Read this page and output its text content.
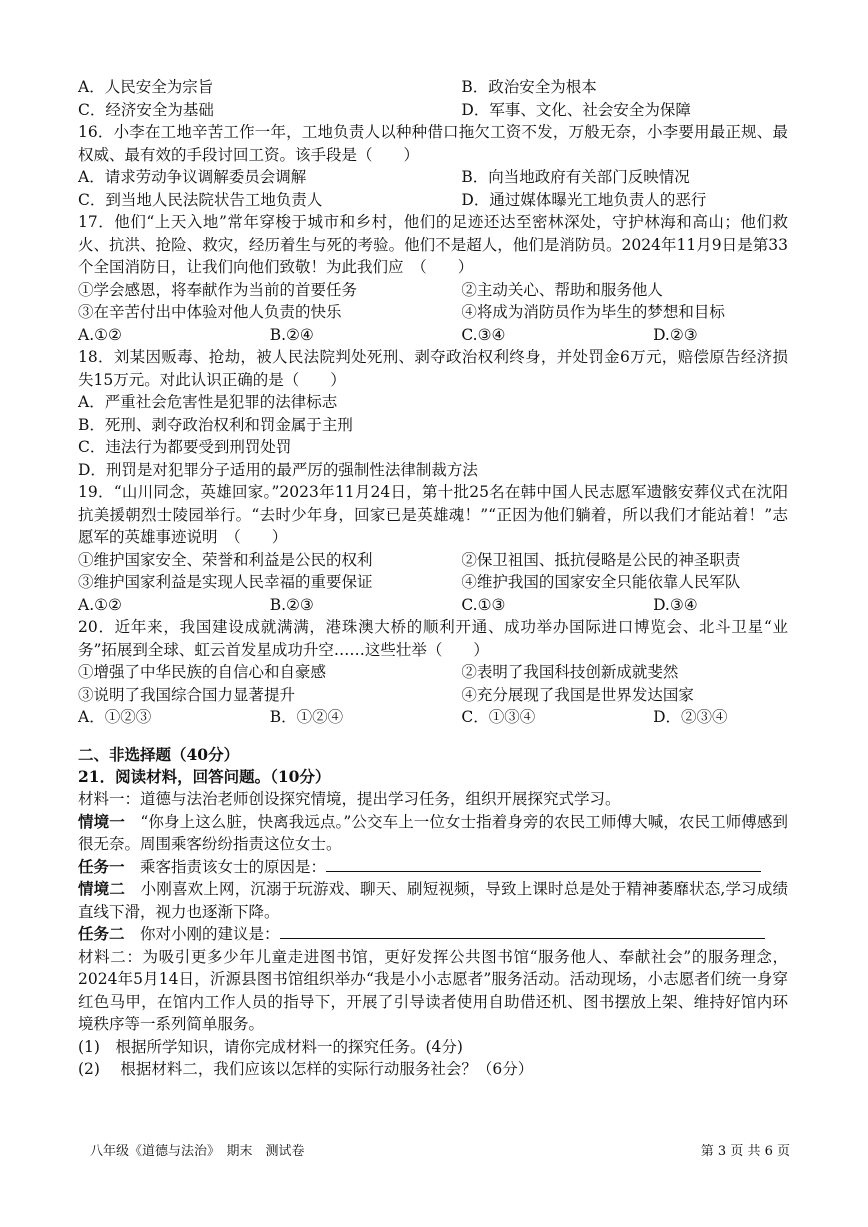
A．人民安全为宗旨	B．政治安全为根本
C．经济安全为基础	D．军事、文化、社会安全为保障
16．小李在工地辛苦工作一年，工地负责人以种种借口拖欠工资不发，万般无奈，小李要用最正规、最权威、最有效的手段讨回工资。该手段是（　　）
A．请求劳动争议调解委员会调解	B．向当地政府有关部门反映情况
C．到当地人民法院状告工地负责人	D．通过媒体曝光工地负责人的恶行
17．他们“上天入地”常年穿梭于城市和乡村，他们的足迹还达至密林深处，守护林海和高山；他们救火、抗洪、抢险、救灾，经历着生与死的考验。他们不是超人，他们是消防员。2024年11月9日是第33个全国消防日，让我们向他们致敬！为此我们应　（　　）
①学会感恩，将奉献作为当前的首要任务	②主动关心、帮助和服务他人
③在辛苦付出中体验对他人负责的快乐	④将成为消防员作为毕生的梦想和目标
A.①②	B.②④	C.③④	D.②③
18．刘某因贩毒、抢劫，被人民法院判处死刑、剥夺政治权利终身，并处罚金6万元，赔偿原告经济损失15万元。对此认识正确的是（　　）
A．严重社会危害性是犯罪的法律标志
B．死刑、剥夺政治权利和罚金属于主刑
C．违法行为都要受到刑罚处罚
D．刑罚是对犯罪分子适用的最严厉的强制性法律制裁方法
19．“山川同念，英雄回家。”2023年11月24日，第十批25名在韩中国人民志愿军遗骸安葬仪式在沈阳抗美援朝烈士陵园举行。“去时少年身，回家已是英雄魂！”“正因为他们躺着，所以我们才能站着！”志愿军的英雄事迹说明　（　　）
①维护国家安全、荣誉和利益是公民的权利	②保卫祖国、抵抗侵略是公民的神圣职责
③维护国家利益是实现人民幸福的重要保证	④维护我国的国家安全只能依靠人民军队
A.①②	B.②③	C.①③	D.③④
20．近年来，我国建设成就满满，港珠澳大桥的顺利开通、成功举办国际进口博览会、北斗卫星“业务”拓展到全球、虹云首发星成功升空……这些壮举（　　）
①增强了中华民族的自信心和自豪感	②表明了我国科技创新成就斐然
③说明了我国综合国力显著提升	④充分展现了我国是世界发达国家
A．①②③	B．①②④	C．①③④	D．②③④
二、非选择题（40分）
21．阅读材料，回答问题。（10分）
材料一：道德与法治老师创设探究情境，提出学习任务，组织开展探究式学习。
情境一　“你身上这么脏，快离我远点。”公交车上一位女士指着身旁的农民工师傅大喊，农民工师傅感到很无奈。周围乘客纷纷指责这位女士。
任务一　乘客指责该女士的原因是：
情境二　小刚喜欢上网，沉溺于玩游戏、聊天、刷短视频，导致上课时总是处于精神萎靡状态,学习成绩直线下滑，视力也逐渐下降。
任务二　你对小刚的建议是：
材料二：为吸引更多少年儿童走进图书馆，更好发挥公共图书馆“服务他人、奉献社会”的服务理念，2024年5月14日，沂源县图书馆组织举办“我是小小志愿者”服务活动。活动现场，小志愿者们统一身穿红色马甲，在馆内工作人员的指导下，开展了引导读者使用自助借还机、图书摆放上架、维持好馆内环境秩序等一系列简单服务。
(1)　根据所学知识，请你完成材料一的探究任务。(4分)
(2)　 根据材料二，我们应该以怎样的实际行动服务社会？（6分）
八年级《道德与法治》　期末　测试卷	第 3 页 共 6 页
